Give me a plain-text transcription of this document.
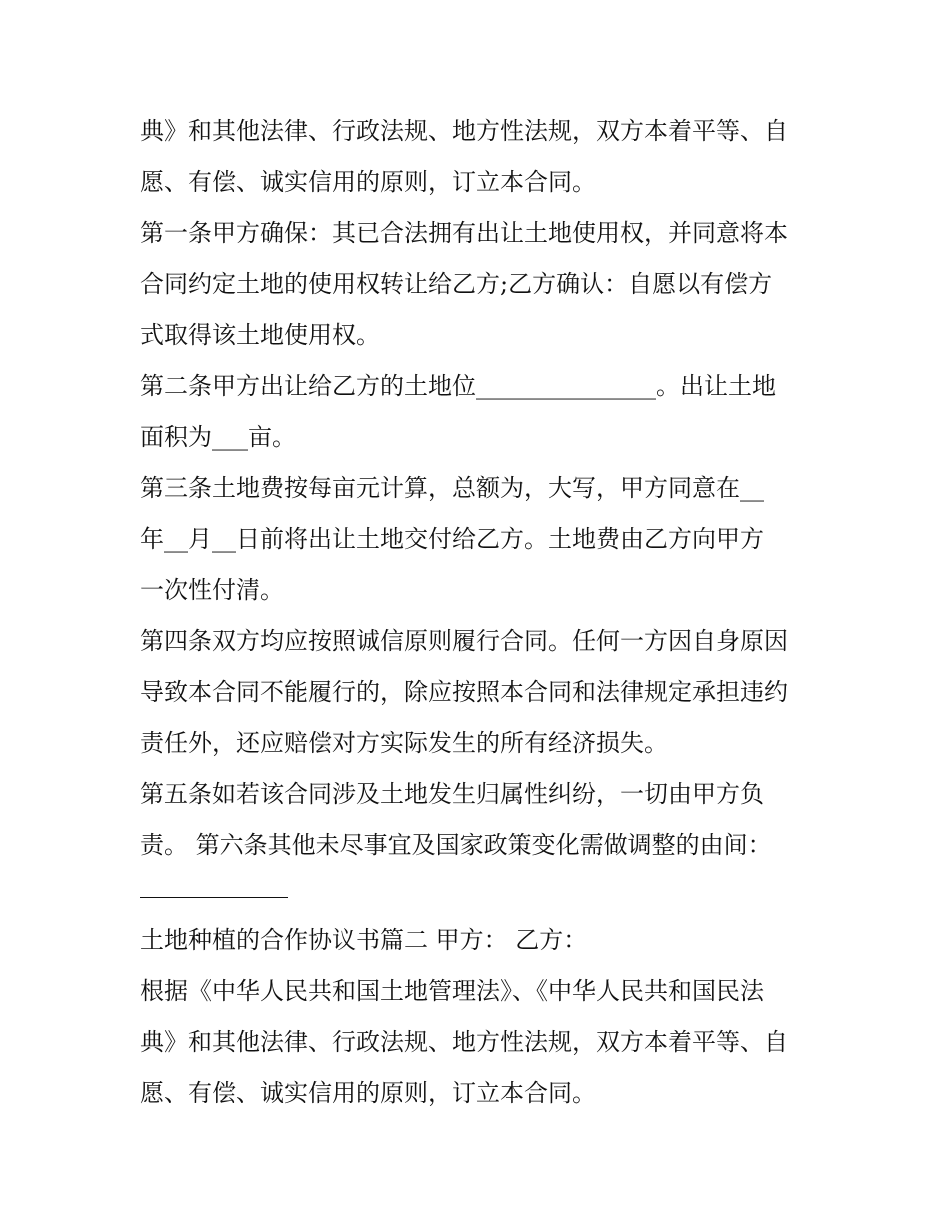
典》和其他法律、行政法规、地方性法规，双方本着平等、自
愿、有偿、诚实信用的原则，订立本合同。
第一条甲方确保：其已合法拥有出让土地使用权，并同意将本
合同约定土地的使用权转让给乙方;乙方确认：自愿以有偿方
式取得该土地使用权。
第二条甲方出让给乙方的土地位_______________。出让土地
面积为___亩。
第三条土地费按每亩元计算，总额为，大写，甲方同意在__
年__月__日前将出让土地交付给乙方。土地费由乙方向甲方
一次性付清。
第四条双方均应按照诚信原则履行合同。任何一方因自身原因
导致本合同不能履行的，除应按照本合同和法律规定承担违约
责任外，还应赔偿对方实际发生的所有经济损失。
第五条如若该合同涉及土地发生归属性纠纷，一切由甲方负
责。 第六条其他未尽事宜及国家政策变化需做调整的由间：
土地种植的合作协议书篇二 甲方： 乙方：
根据《中华人民共和国土地管理法》、《中华人民共和国民法
典》和其他法律、行政法规、地方性法规，双方本着平等、自
愿、有偿、诚实信用的原则，订立本合同。
